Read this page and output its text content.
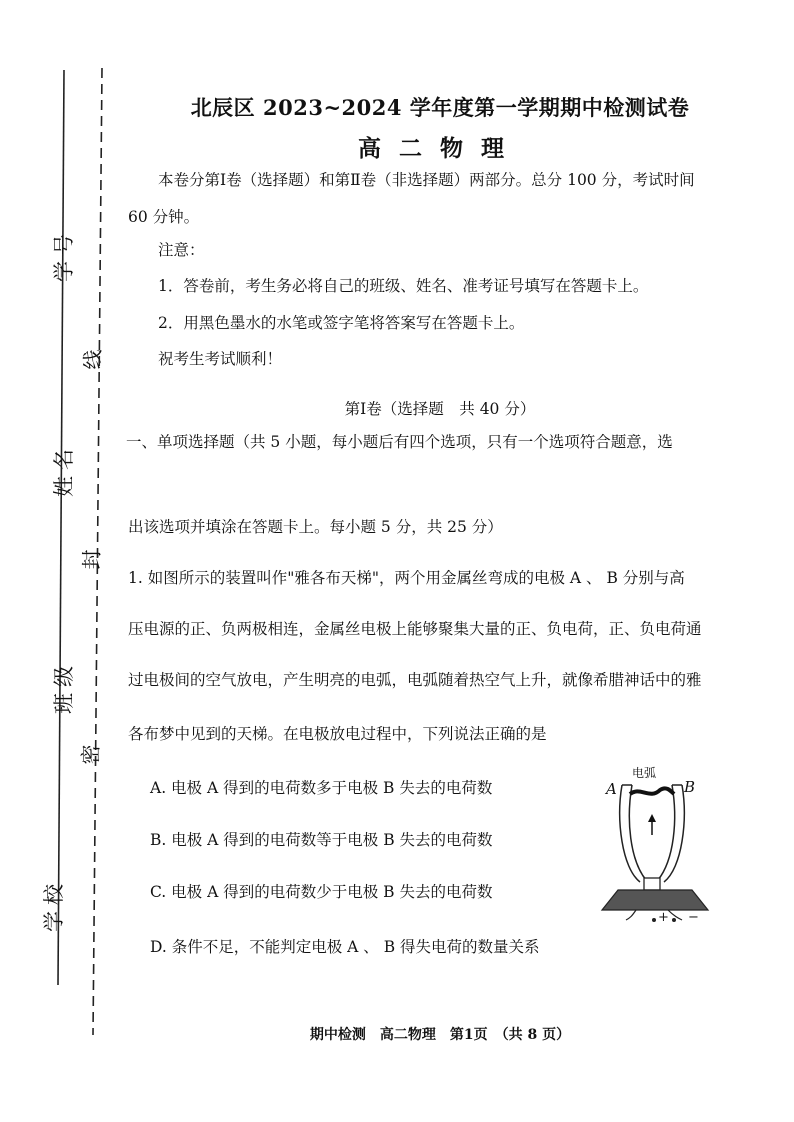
学号
姓名
班级
学校
线
封
密
北辰区 2023~2024 学年度第一学期期中检测试卷
高二物理
本卷分第Ⅰ卷（选择题）和第Ⅱ卷（非选择题）两部分。总分 100 分，考试时间
60 分钟。
注意：
1．答卷前，考生务必将自己的班级、姓名、准考证号填写在答题卡上。
2．用黑色墨水的水笔或签字笔将答案写在答题卡上。
祝考生考试顺利！
第Ⅰ卷（选择题　共 40 分）
一、单项选择题（共 5 小题，每小题后有四个选项，只有一个选项符合题意，选
出该选项并填涂在答题卡上。每小题 5 分，共 25 分）
1. 如图所示的装置叫作"雅各布天梯"，两个用金属丝弯成的电极 A 、 B 分别与高
压电源的正、负两极相连，金属丝电极上能够聚集大量的正、负电荷，正、负电荷通
过电极间的空气放电，产生明亮的电弧，电弧随着热空气上升，就像希腊神话中的雅
各布梦中见到的天梯。在电极放电过程中，下列说法正确的是
A. 电极 A 得到的电荷数多于电极 B 失去的电荷数
B. 电极 A 得到的电荷数等于电极 B 失去的电荷数
C. 电极 A 得到的电荷数少于电极 B 失去的电荷数
D. 条件不足，不能判定电极 A 、 B 得失电荷的数量关系
电弧
A	B
+ −
期中检测　高二物理　第1页　（共 8 页）
